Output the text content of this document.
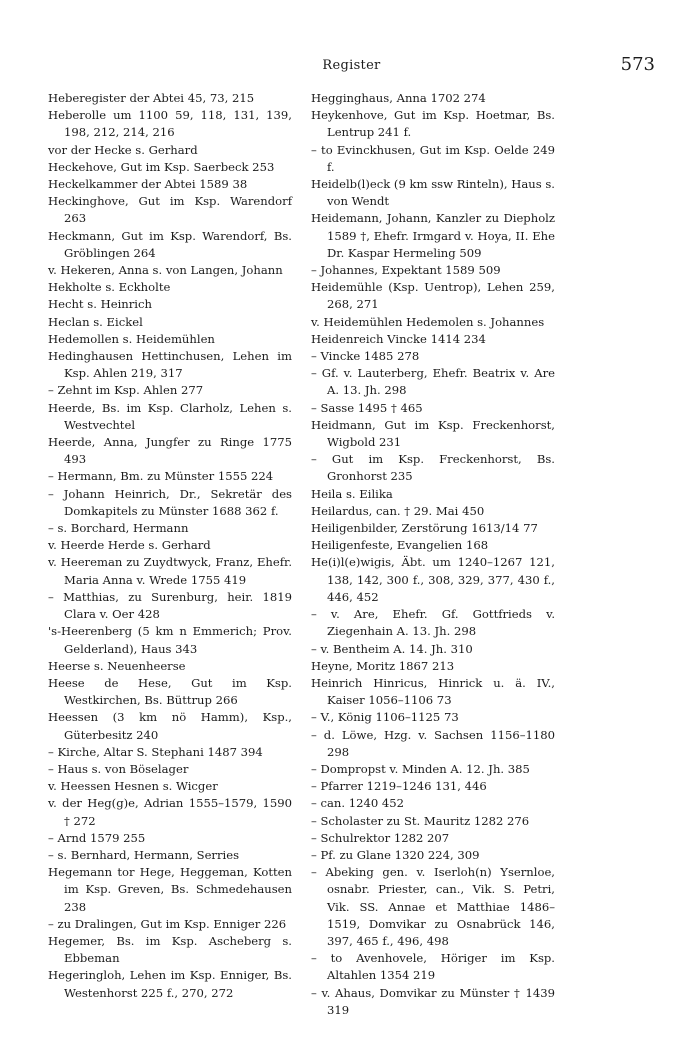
Register	573

Heberegister der Abtei 45, 73, 215

Heberolle um 1100 59, 118, 131, 139, 198, 212, 214, 216

vor der Hecke s. Gerhard

Heckehove, Gut im Ksp. Saerbeck 253

Heckelkammer der Abtei 1589 38

Heckinghove, Gut im Ksp. Warendorf 263

Heckmann, Gut im Ksp. Warendorf, Bs. Gröblingen 264

v. Hekeren, Anna s. von Langen, Johann

Hekholte s. Eckholte

Hecht s. Heinrich

Heclan s. Eickel

Hedemollen s. Heidemühlen

Hedinghausen Hettinchusen, Lehen im Ksp. Ahlen 219, 317

– Zehnt im Ksp. Ahlen 277

Heerde, Bs. im Ksp. Clarholz, Lehen s. Westvechtel

Heerde, Anna, Jungfer zu Ringe 1775 493

– Hermann, Bm. zu Münster 1555 224

– Johann Heinrich, Dr., Sekretär des Domkapitels zu Münster 1688 362 f.

– s. Borchard, Hermann

v. Heerde Herde s. Gerhard

v. Heereman zu Zuydtwyck, Franz, Ehefr. Maria Anna v. Wrede 1755 419

– Matthias, zu Surenburg, heir. 1819 Clara v. Oer 428

's-Heerenberg (5 km n Emmerich; Prov. Gelderland), Haus 343

Heerse s. Neuenheerse

Heese de Hese, Gut im Ksp. Westkirchen, Bs. Büttrup 266

Heessen (3 km nö Hamm), Ksp., Güterbesitz 240

– Kirche, Altar S. Stephani 1487 394

– Haus s. von Böselager

v. Heessen Hesnen s. Wicger

v. der Heg(g)e, Adrian 1555–1579, 1590 † 272

– Arnd 1579 255

– s. Bernhard, Hermann, Serries

Hegemann tor Hege, Heggeman, Kotten im Ksp. Greven, Bs. Schmedehausen 238

– zu Dralingen, Gut im Ksp. Enniger 226

Hegemer, Bs. im Ksp. Ascheberg s. Ebbeman

Hegeringloh, Lehen im Ksp. Enniger, Bs. Westenhorst 225 f., 270, 272

Hegginghaus, Anna 1702 274

Heykenhove, Gut im Ksp. Hoetmar, Bs. Lentrup 241 f.

– to Evinckhusen, Gut im Ksp. Oelde 249 f.

Heidelb(l)eck (9 km ssw Rinteln), Haus s. von Wendt

Heidemann, Johann, Kanzler zu Diepholz 1589 †, Ehefr. Irmgard v. Hoya, II. Ehe Dr. Kaspar Hermeling 509

– Johannes, Expektant 1589 509

Heidemühle (Ksp. Uentrop), Lehen 259, 268, 271

v. Heidemühlen Hedemolen s. Johannes

Heidenreich Vincke 1414 234

– Vincke 1485 278

– Gf. v. Lauterberg, Ehefr. Beatrix v. Are A. 13. Jh. 298

– Sasse 1495 † 465

Heidmann, Gut im Ksp. Freckenhorst, Wigbold 231

– Gut im Ksp. Freckenhorst, Bs. Gronhorst 235

Heila s. Eilika

Heilardus, can. † 29. Mai 450

Heiligenbilder, Zerstörung 1613/14 77

Heiligenfeste, Evangelien 168

He(i)l(e)wigis, Äbt. um 1240–1267 121, 138, 142, 300 f., 308, 329, 377, 430 f., 446, 452

– v. Are, Ehefr. Gf. Gottfrieds v. Ziegenhain A. 13. Jh. 298

– v. Bentheim A. 14. Jh. 310

Heyne, Moritz 1867 213

Heinrich Hinricus, Hinrick u. ä. IV., Kaiser 1056–1106 73

– V., König 1106–1125 73

– d. Löwe, Hzg. v. Sachsen 1156–1180 298

– Dompropst v. Minden A. 12. Jh. 385

– Pfarrer 1219–1246 131, 446

– can. 1240 452

– Scholaster zu St. Mauritz 1282 276

– Schulrektor 1282 207

– Pf. zu Glane 1320 224, 309

– Abeking gen. v. Iserloh(n) Ysernloe, osnabr. Priester, can., Vik. S. Petri, Vik. SS. Annae et Matthiae 1486–1519, Domvikar zu Osnabrück 146, 397, 465 f., 496, 498

– to Avenhovele, Höriger im Ksp. Altahlen 1354 219

– v. Ahaus, Domvikar zu Münster † 1439 319
